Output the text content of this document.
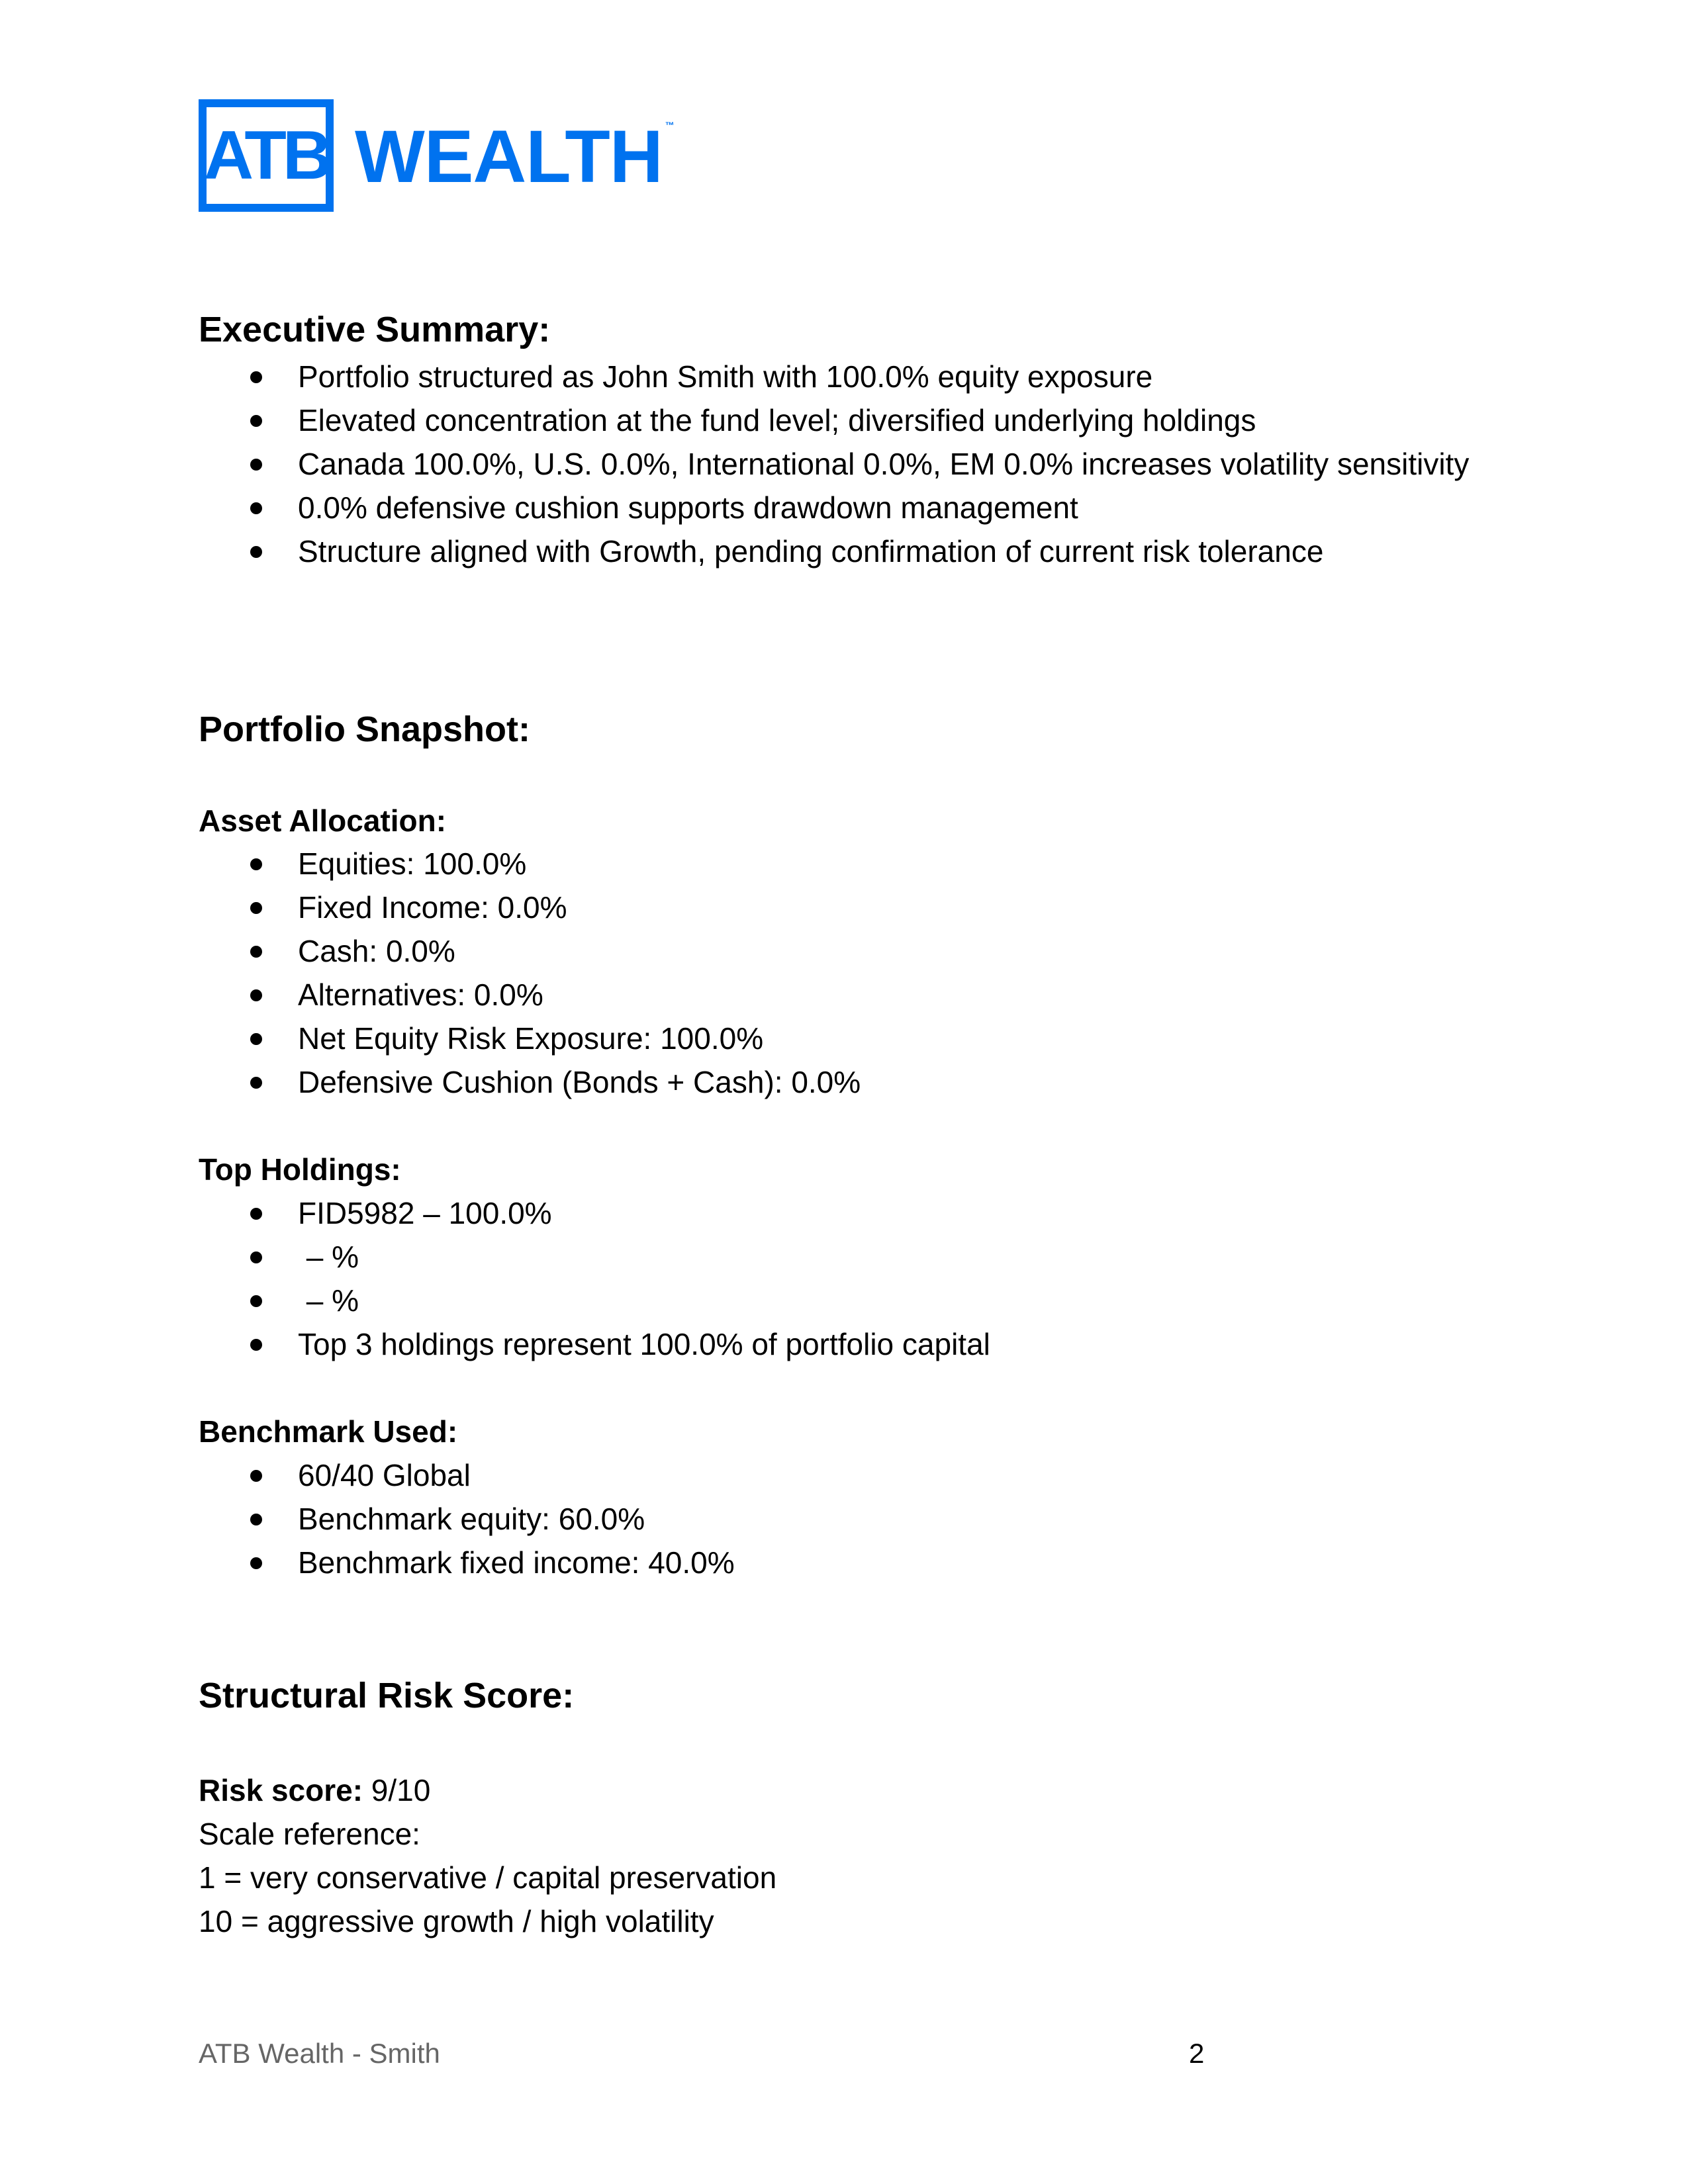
ATB WEALTH ™
Executive Summary:
Portfolio structured as John Smith with 100.0% equity exposure
Elevated concentration at the fund level; diversified underlying holdings
Canada 100.0%, U.S. 0.0%, International 0.0%, EM 0.0% increases volatility sensitivity
0.0% defensive cushion supports drawdown management
Structure aligned with Growth, pending confirmation of current risk tolerance
Portfolio Snapshot:
Asset Allocation:
Equities: 100.0%
Fixed Income: 0.0%
Cash: 0.0%
Alternatives: 0.0%
Net Equity Risk Exposure: 100.0%
Defensive Cushion (Bonds + Cash): 0.0%
Top Holdings:
FID5982 – 100.0%
– %
– %
Top 3 holdings represent 100.0% of portfolio capital
Benchmark Used:
60/40 Global
Benchmark equity: 60.0%
Benchmark fixed income: 40.0%
Structural Risk Score:

Risk score: 9/10

Scale reference:

1 = very conservative / capital preservation

10 = aggressive growth / high volatility

ATB Wealth - Smith	2
